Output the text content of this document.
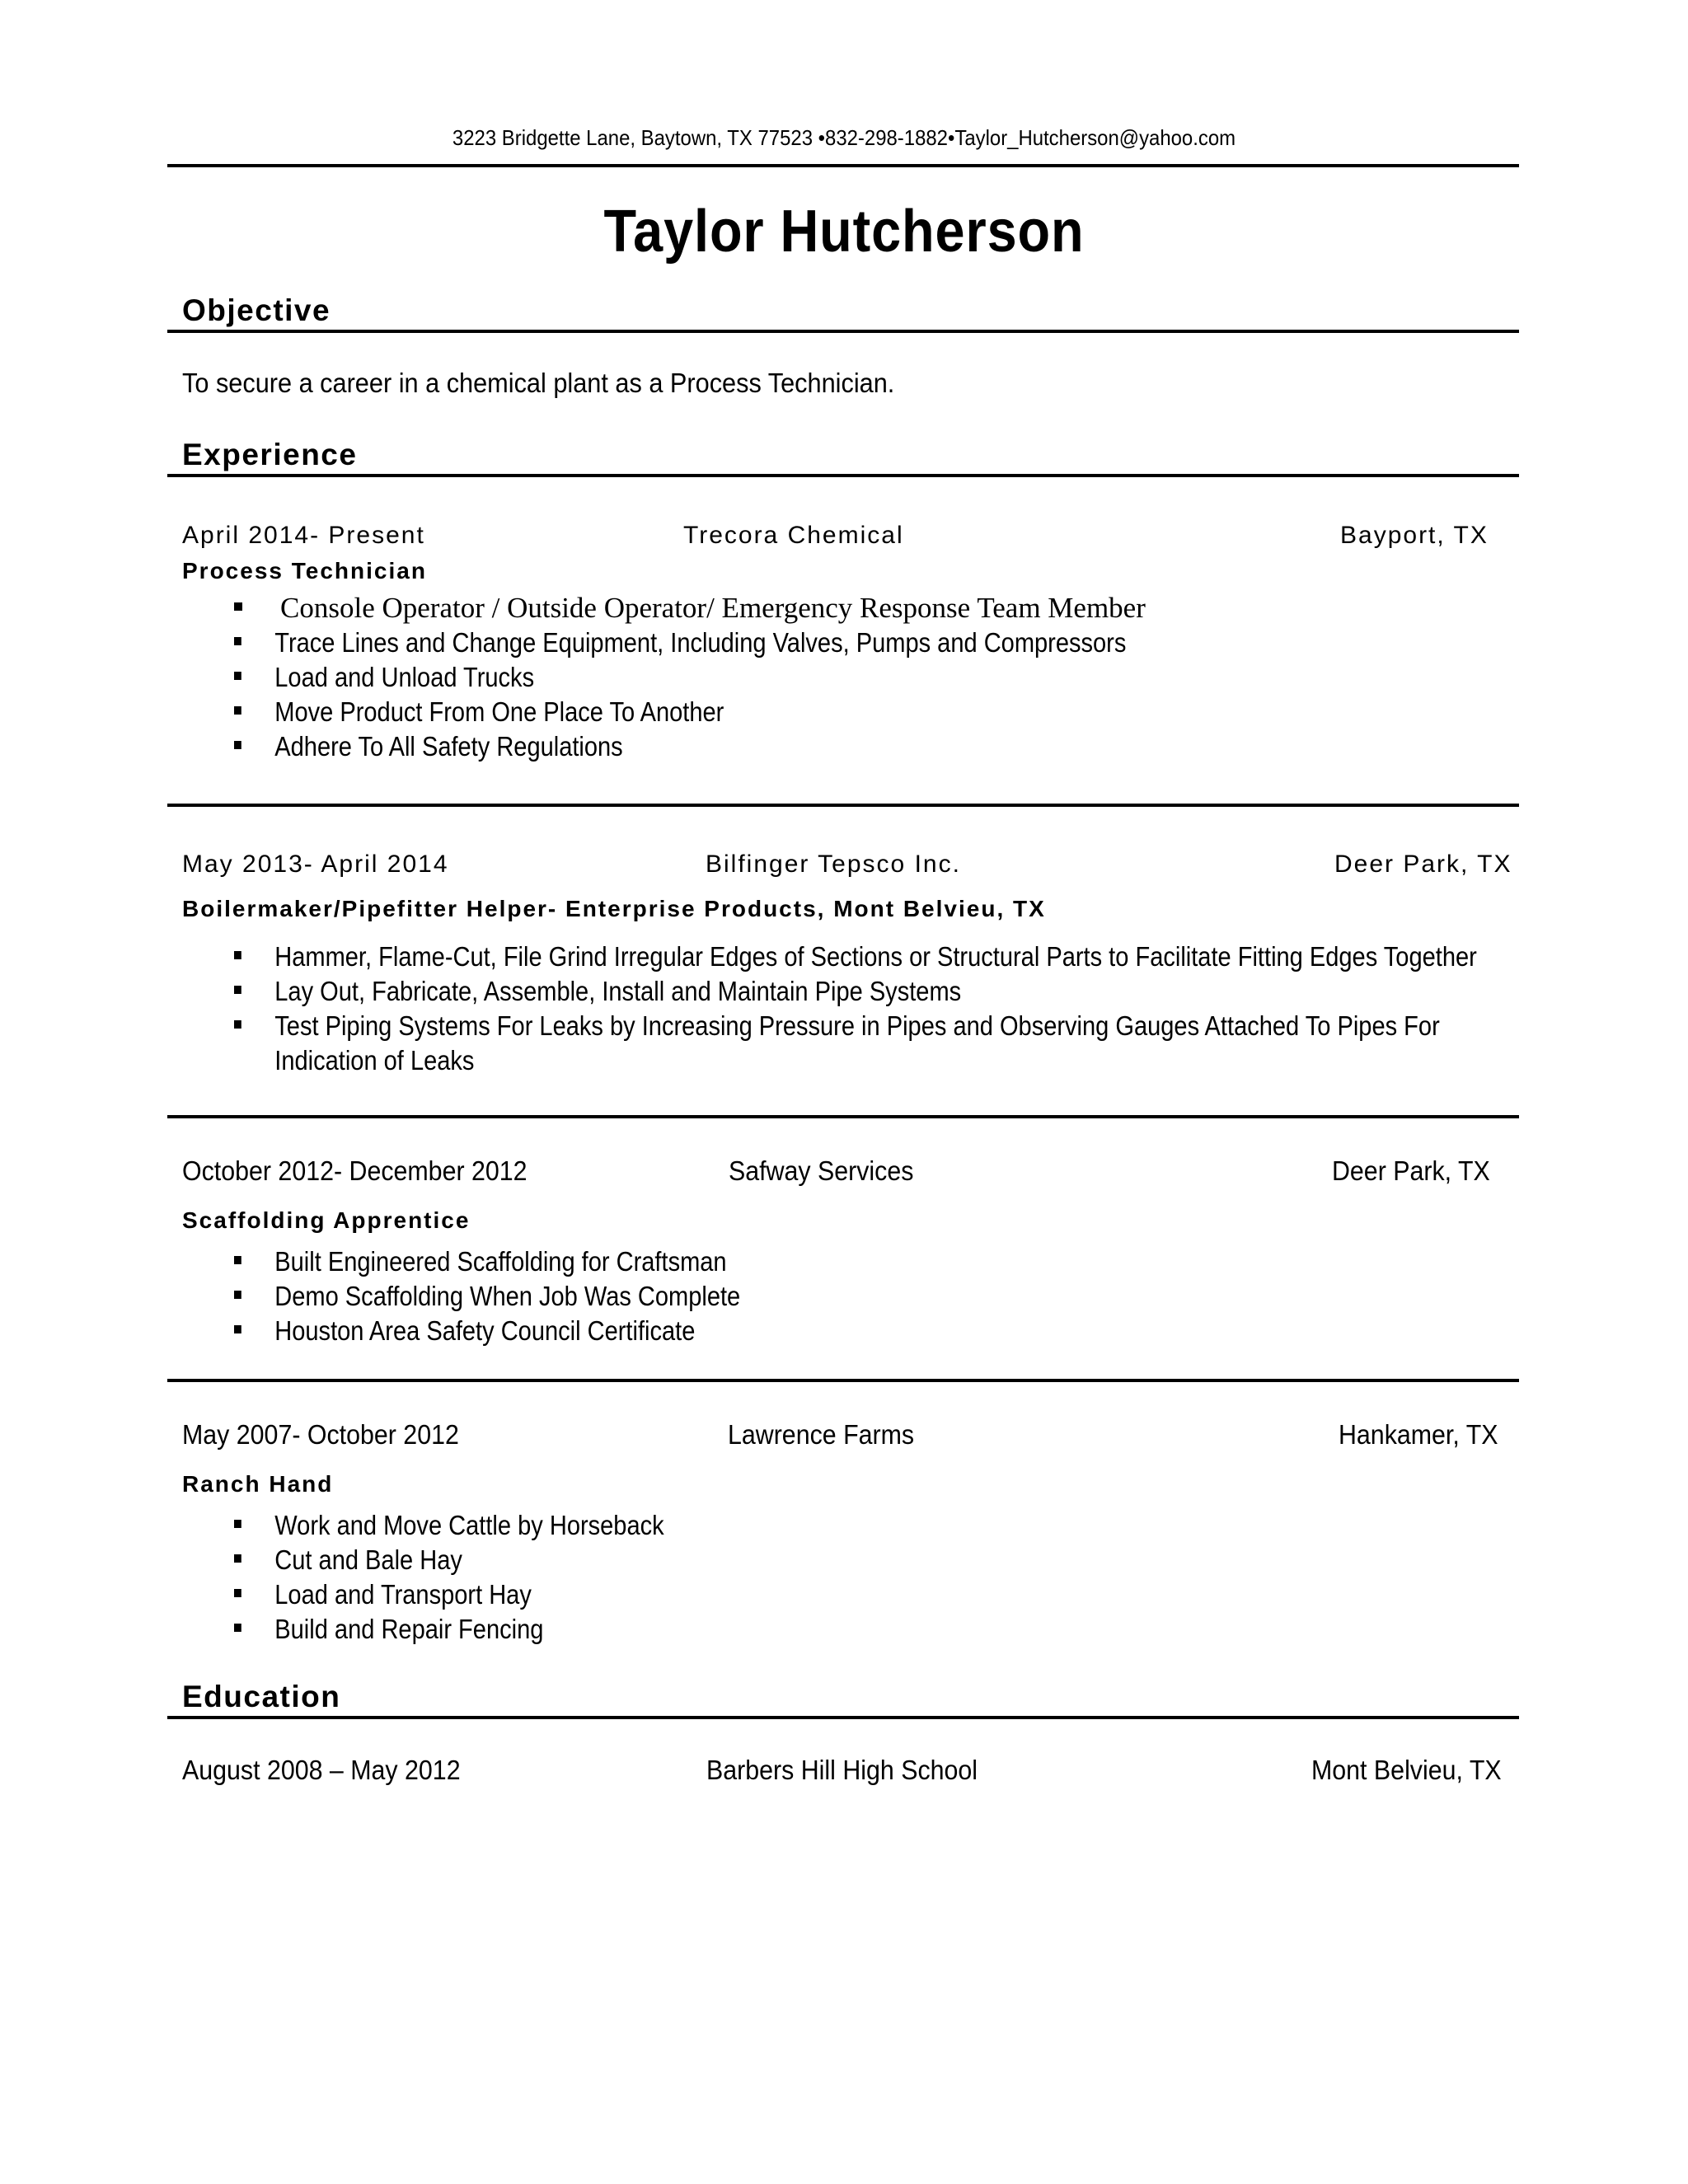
3223 Bridgette Lane, Baytown, TX 77523 •832-298-1882•Taylor_Hutcherson@yahoo.com
Taylor Hutcherson
Objective
To secure a career in a chemical plant as a Process Technician.
Experience
April 2014- Present	Trecora Chemical	Bayport, TX
Process Technician
Console Operator / Outside Operator/ Emergency Response Team Member
Trace Lines and Change Equipment, Including Valves, Pumps and Compressors
Load and Unload Trucks
Move Product From One Place To Another
Adhere To All Safety Regulations
May 2013- April 2014	Bilfinger Tepsco Inc.	Deer Park, TX
Boilermaker/Pipefitter Helper- Enterprise Products, Mont Belvieu, TX
Hammer, Flame-Cut, File Grind Irregular Edges of Sections or Structural Parts to Facilitate Fitting Edges Together
Lay Out, Fabricate, Assemble, Install and Maintain Pipe Systems
Test Piping Systems For Leaks by Increasing Pressure in Pipes and Observing Gauges Attached To Pipes For
Indication of Leaks
October 2012- December 2012	Safway Services	Deer Park, TX
Scaffolding Apprentice
Built Engineered Scaffolding for Craftsman
Demo Scaffolding When Job Was Complete
Houston Area Safety Council Certificate
May 2007- October 2012	Lawrence Farms	Hankamer, TX
Ranch Hand
Work and Move Cattle by Horseback
Cut and Bale Hay
Load and Transport Hay
Build and Repair Fencing
Education
August 2008 – May 2012	Barbers Hill High School	Mont Belvieu, TX
